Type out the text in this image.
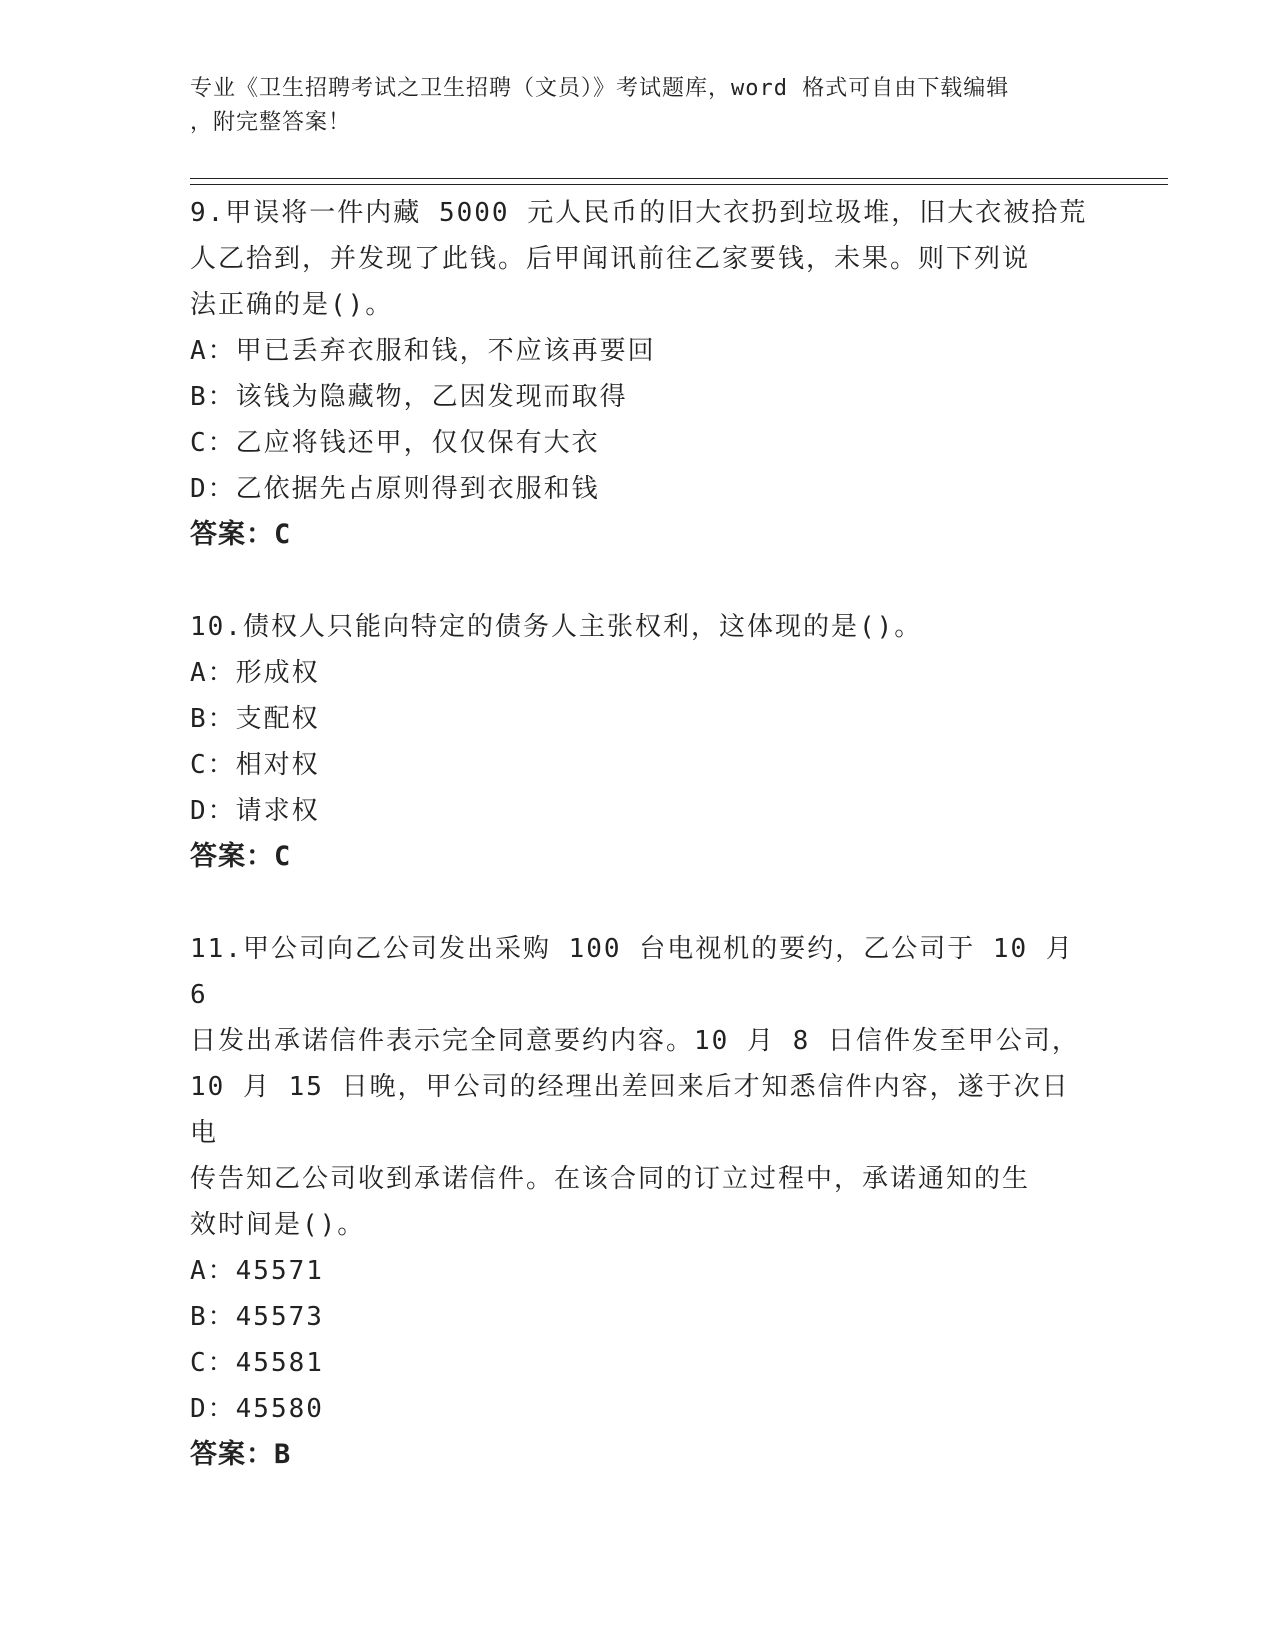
专业《卫生招聘考试之卫生招聘（文员）》考试题库，word 格式可自由下载编辑
，附完整答案！

9.甲误将一件内藏 5000 元人民币的旧大衣扔到垃圾堆，旧大衣被拾荒

人乙拾到，并发现了此钱。后甲闻讯前往乙家要钱，未果。则下列说

法正确的是()。

A：甲已丢弃衣服和钱，不应该再要回

B：该钱为隐藏物，乙因发现而取得

C：乙应将钱还甲，仅仅保有大衣

D：乙依据先占原则得到衣服和钱

答案：C

10.债权人只能向特定的债务人主张权利，这体现的是()。

A：形成权

B：支配权

C：相对权

D：请求权

答案：C

11.甲公司向乙公司发出采购 100 台电视机的要约，乙公司于 10 月 6

日发出承诺信件表示完全同意要约内容。10 月 8 日信件发至甲公司，

10 月 15 日晚，甲公司的经理出差回来后才知悉信件内容，遂于次日电

传告知乙公司收到承诺信件。在该合同的订立过程中，承诺通知的生

效时间是()。

A：45571

B：45573

C：45581

D：45580

答案：B
